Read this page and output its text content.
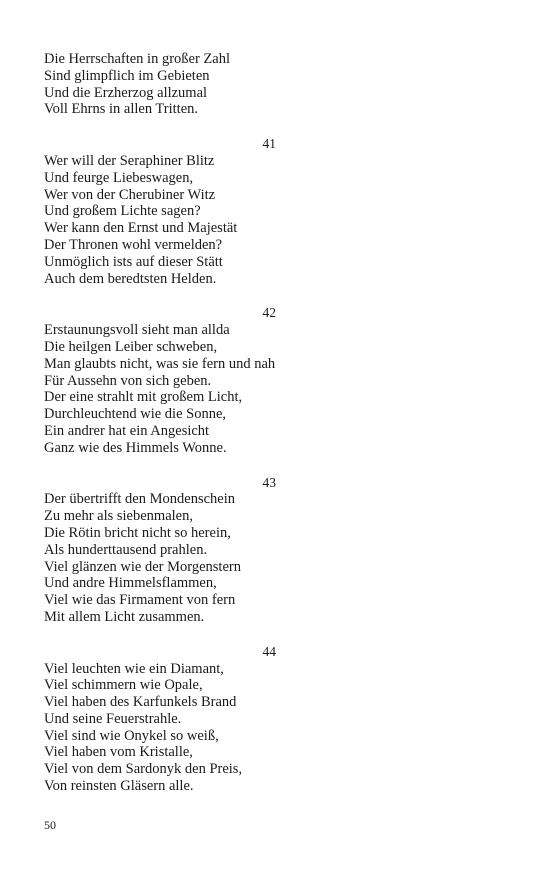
Die Herrschaften in großer Zahl
Sind glimpflich im Gebieten
Und die Erzherzog allzumal
Voll Ehrns in allen Tritten.
41
Wer will der Seraphiner Blitz
Und feurge Liebeswagen,
Wer von der Cherubiner Witz
Und großem Lichte sagen?
Wer kann den Ernst und Majestät
Der Thronen wohl vermelden?
Unmöglich ists auf dieser Stätt
Auch dem beredtsten Helden.
42
Erstaunungsvoll sieht man allda
Die heilgen Leiber schweben,
Man glaubts nicht, was sie fern und nah
Für Aussehn von sich geben.
Der eine strahlt mit großem Licht,
Durchleuchtend wie die Sonne,
Ein andrer hat ein Angesicht
Ganz wie des Himmels Wonne.
43
Der übertrifft den Mondenschein
Zu mehr als siebenmalen,
Die Rötin bricht nicht so herein,
Als hunderttausend prahlen.
Viel glänzen wie der Morgenstern
Und andre Himmelsflammen,
Viel wie das Firmament von fern
Mit allem Licht zusammen.
44
Viel leuchten wie ein Diamant,
Viel schimmern wie Opale,
Viel haben des Karfunkels Brand
Und seine Feuerstrahle.
Viel sind wie Onykel so weiß,
Viel haben vom Kristalle,
Viel von dem Sardonyk den Preis,
Von reinsten Gläsern alle.
50
